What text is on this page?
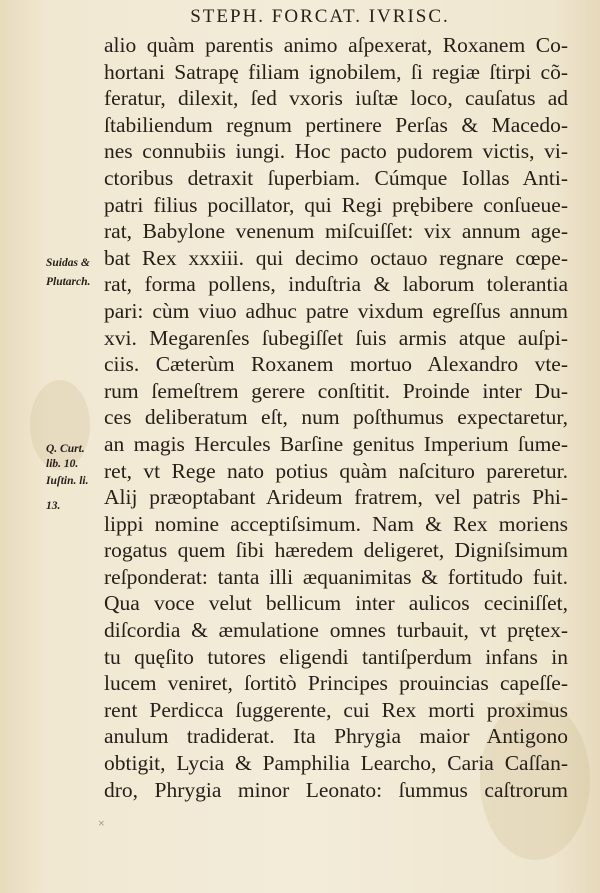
STEPH. FORCAT. IVRISC.
alio quàm parentis animo aſpexerat, Roxanem Co-
hortani Satrapę filiam ignobilem, ſi regiæ ſtirpi cõ-
feratur, dilexit, ſed vxoris iuſtæ loco, cauſatus ad
ſtabiliendum regnum pertinere Perſas & Macedo-
nes connubiis iungi. Hoc pacto pudorem victis, vi-
ctoribus detraxit ſuperbiam. Cúmque Iollas Anti-
patri filius pocillator, qui Regi prębibere conſueue-
rat, Babylone venenum miſcuiſſet: vix annum age-
bat Rex xxxiii. qui decimo octauo regnare cœpe-
rat, forma pollens, induſtria & laborum tolerantia
pari: cùm viuo adhuc patre vixdum egreſſus annum
xvi. Megarenſes ſubegiſſet ſuis armis atque auſpi-
ciis. Cæterùm Roxanem mortuo Alexandro vte-
rum ſemeſtrem gerere conſtitit. Proinde inter Du-
ces deliberatum eſt, num poſthumus expectaretur,
an magis Hercules Barſine genitus Imperium ſume-
ret, vt Rege nato potius quàm naſcituro pareretur.
Alij præoptabant Arideum fratrem, vel patris Phi-
lippi nomine acceptiſsimum. Nam & Rex moriens
rogatus quem ſibi hæredem deligeret, Digniſsimum
reſponderat: tanta illi æquanimitas & fortitudo fuit.
Qua voce velut bellicum inter aulicos ceciniſſet,
diſcordia & æmulatione omnes turbauit, vt prętex-
tu quęſito tutores eligendi tantiſperdum infans in
lucem veniret, ſortitò Principes prouincias capeſſe-
rent Perdicca ſuggerente, cui Rex morti proximus
anulum tradiderat. Ita Phrygia maior Antigono
obtigit, Lycia & Pamphilia Learcho, Caria Caſſan-
dro, Phrygia minor Leonato: ſummus caſtrorum
Suidas &
Plutarch.
Q. Curt.
lib. 10.
Iuſtin. li.
13.
×
